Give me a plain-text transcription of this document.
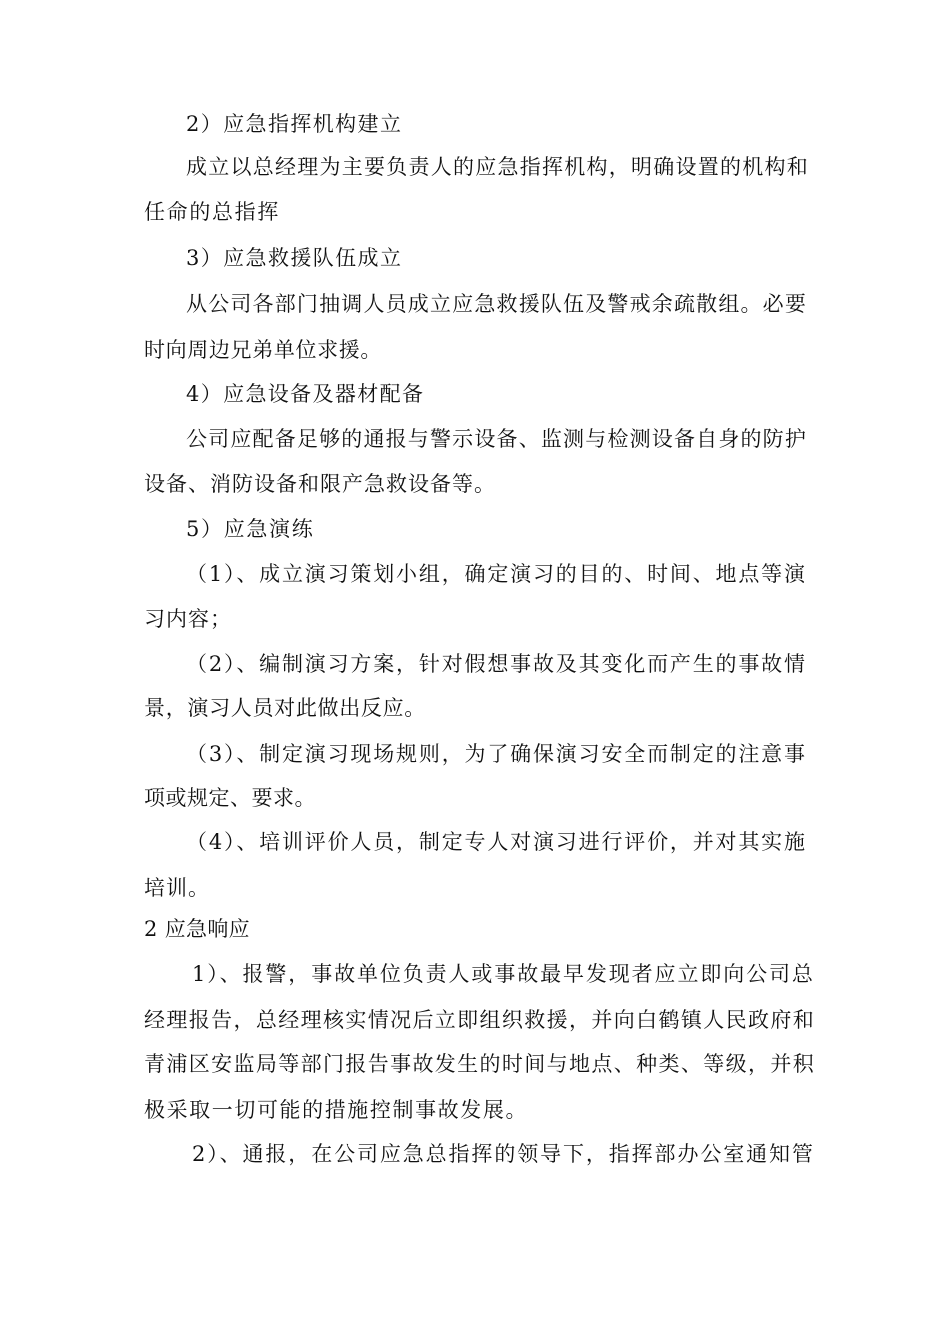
2）应急指挥机构建立
成立以总经理为主要负责人的应急指挥机构，明确设置的机构和
任命的总指挥
3）应急救援队伍成立
从公司各部门抽调人员成立应急救援队伍及警戒余疏散组。必要
时向周边兄弟单位求援。
4）应急设备及器材配备
公司应配备足够的通报与警示设备、监测与检测设备自身的防护
设备、消防设备和限产急救设备等。
5）应急演练
（1）、成立演习策划小组，确定演习的目的、时间、地点等演
习内容；
（2）、编制演习方案，针对假想事故及其变化而产生的事故情
景，演习人员对此做出反应。
（3）、制定演习现场规则，为了确保演习安全而制定的注意事
项或规定、要求。
（4）、培训评价人员，制定专人对演习进行评价，并对其实施
培训。
2 应急响应
1）、报警，事故单位负责人或事故最早发现者应立即向公司总
经理报告，总经理核实情况后立即组织救援，并向白鹤镇人民政府和
青浦区安监局等部门报告事故发生的时间与地点、种类、等级，并积
极采取一切可能的措施控制事故发展。
2）、通报，在公司应急总指挥的领导下，指挥部办公室通知管
